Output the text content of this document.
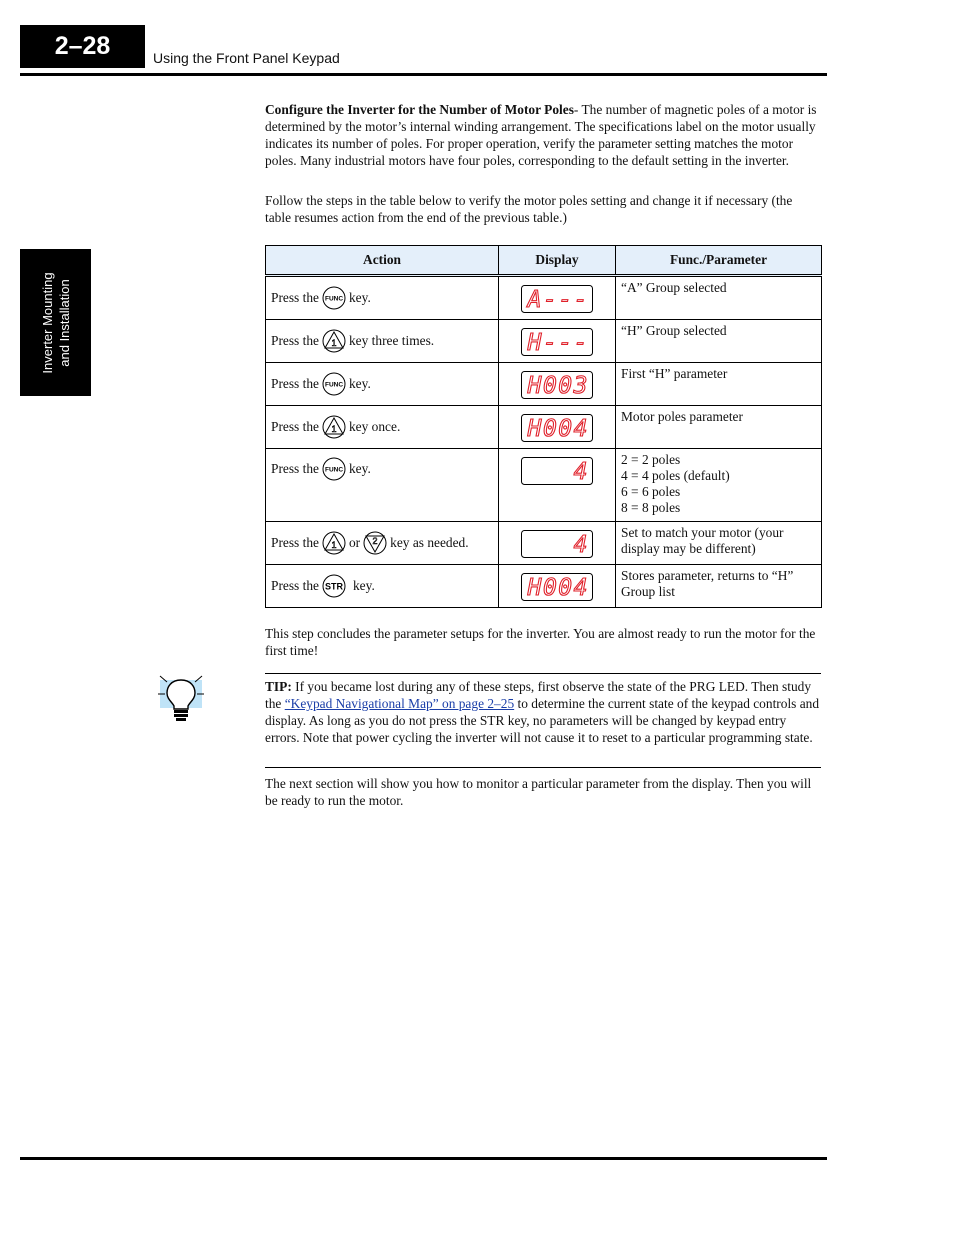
2–28	Using the Front Panel Keypad
Inverter Mounting and Installation

Configure the Inverter for the Number of Motor Poles- The number of magnetic poles of a motor is determined by the motor’s internal winding arrangement. The specifications label on the motor usually indicates its number of poles. For proper operation, verify the parameter setting matches the motor poles. Many industrial motors have four poles, corresponding to the default setting in the inverter.

Follow the steps in the table below to verify the motor poles setting and change it if necessary (the table resumes action from the end of the previous table.)

Action	Display	Func./Parameter

Press the FUNC key.	A---	“A” Group selected

Press the 1 key three times.	H---	“H” Group selected

Press the FUNC key.	H003	First “H” parameter

Press the 1 key once.	H004	Motor poles parameter

Press the FUNC key.	4	2 = 2 poles
4 = 4 poles (default)
6 = 6 poles
8 = 8 poles

Press the 1 or 2 key as needed.	4	Set to match your motor (your
display may be different)

Press the STR key.	H004	Stores parameter, returns to “H”
Group list

This step concludes the parameter setups for the inverter. You are almost ready to run the motor for the first time!

TIP: If you became lost during any of these steps, first observe the state of the PRG LED. Then study the “Keypad Navigational Map” on page 2–25 to determine the current state of the keypad controls and display. As long as you do not press the STR key, no parameters will be changed by keypad entry errors. Note that power cycling the inverter will not cause it to reset to a particular programming state.

The next section will show you how to monitor a particular parameter from the display. Then you will be ready to run the motor.
